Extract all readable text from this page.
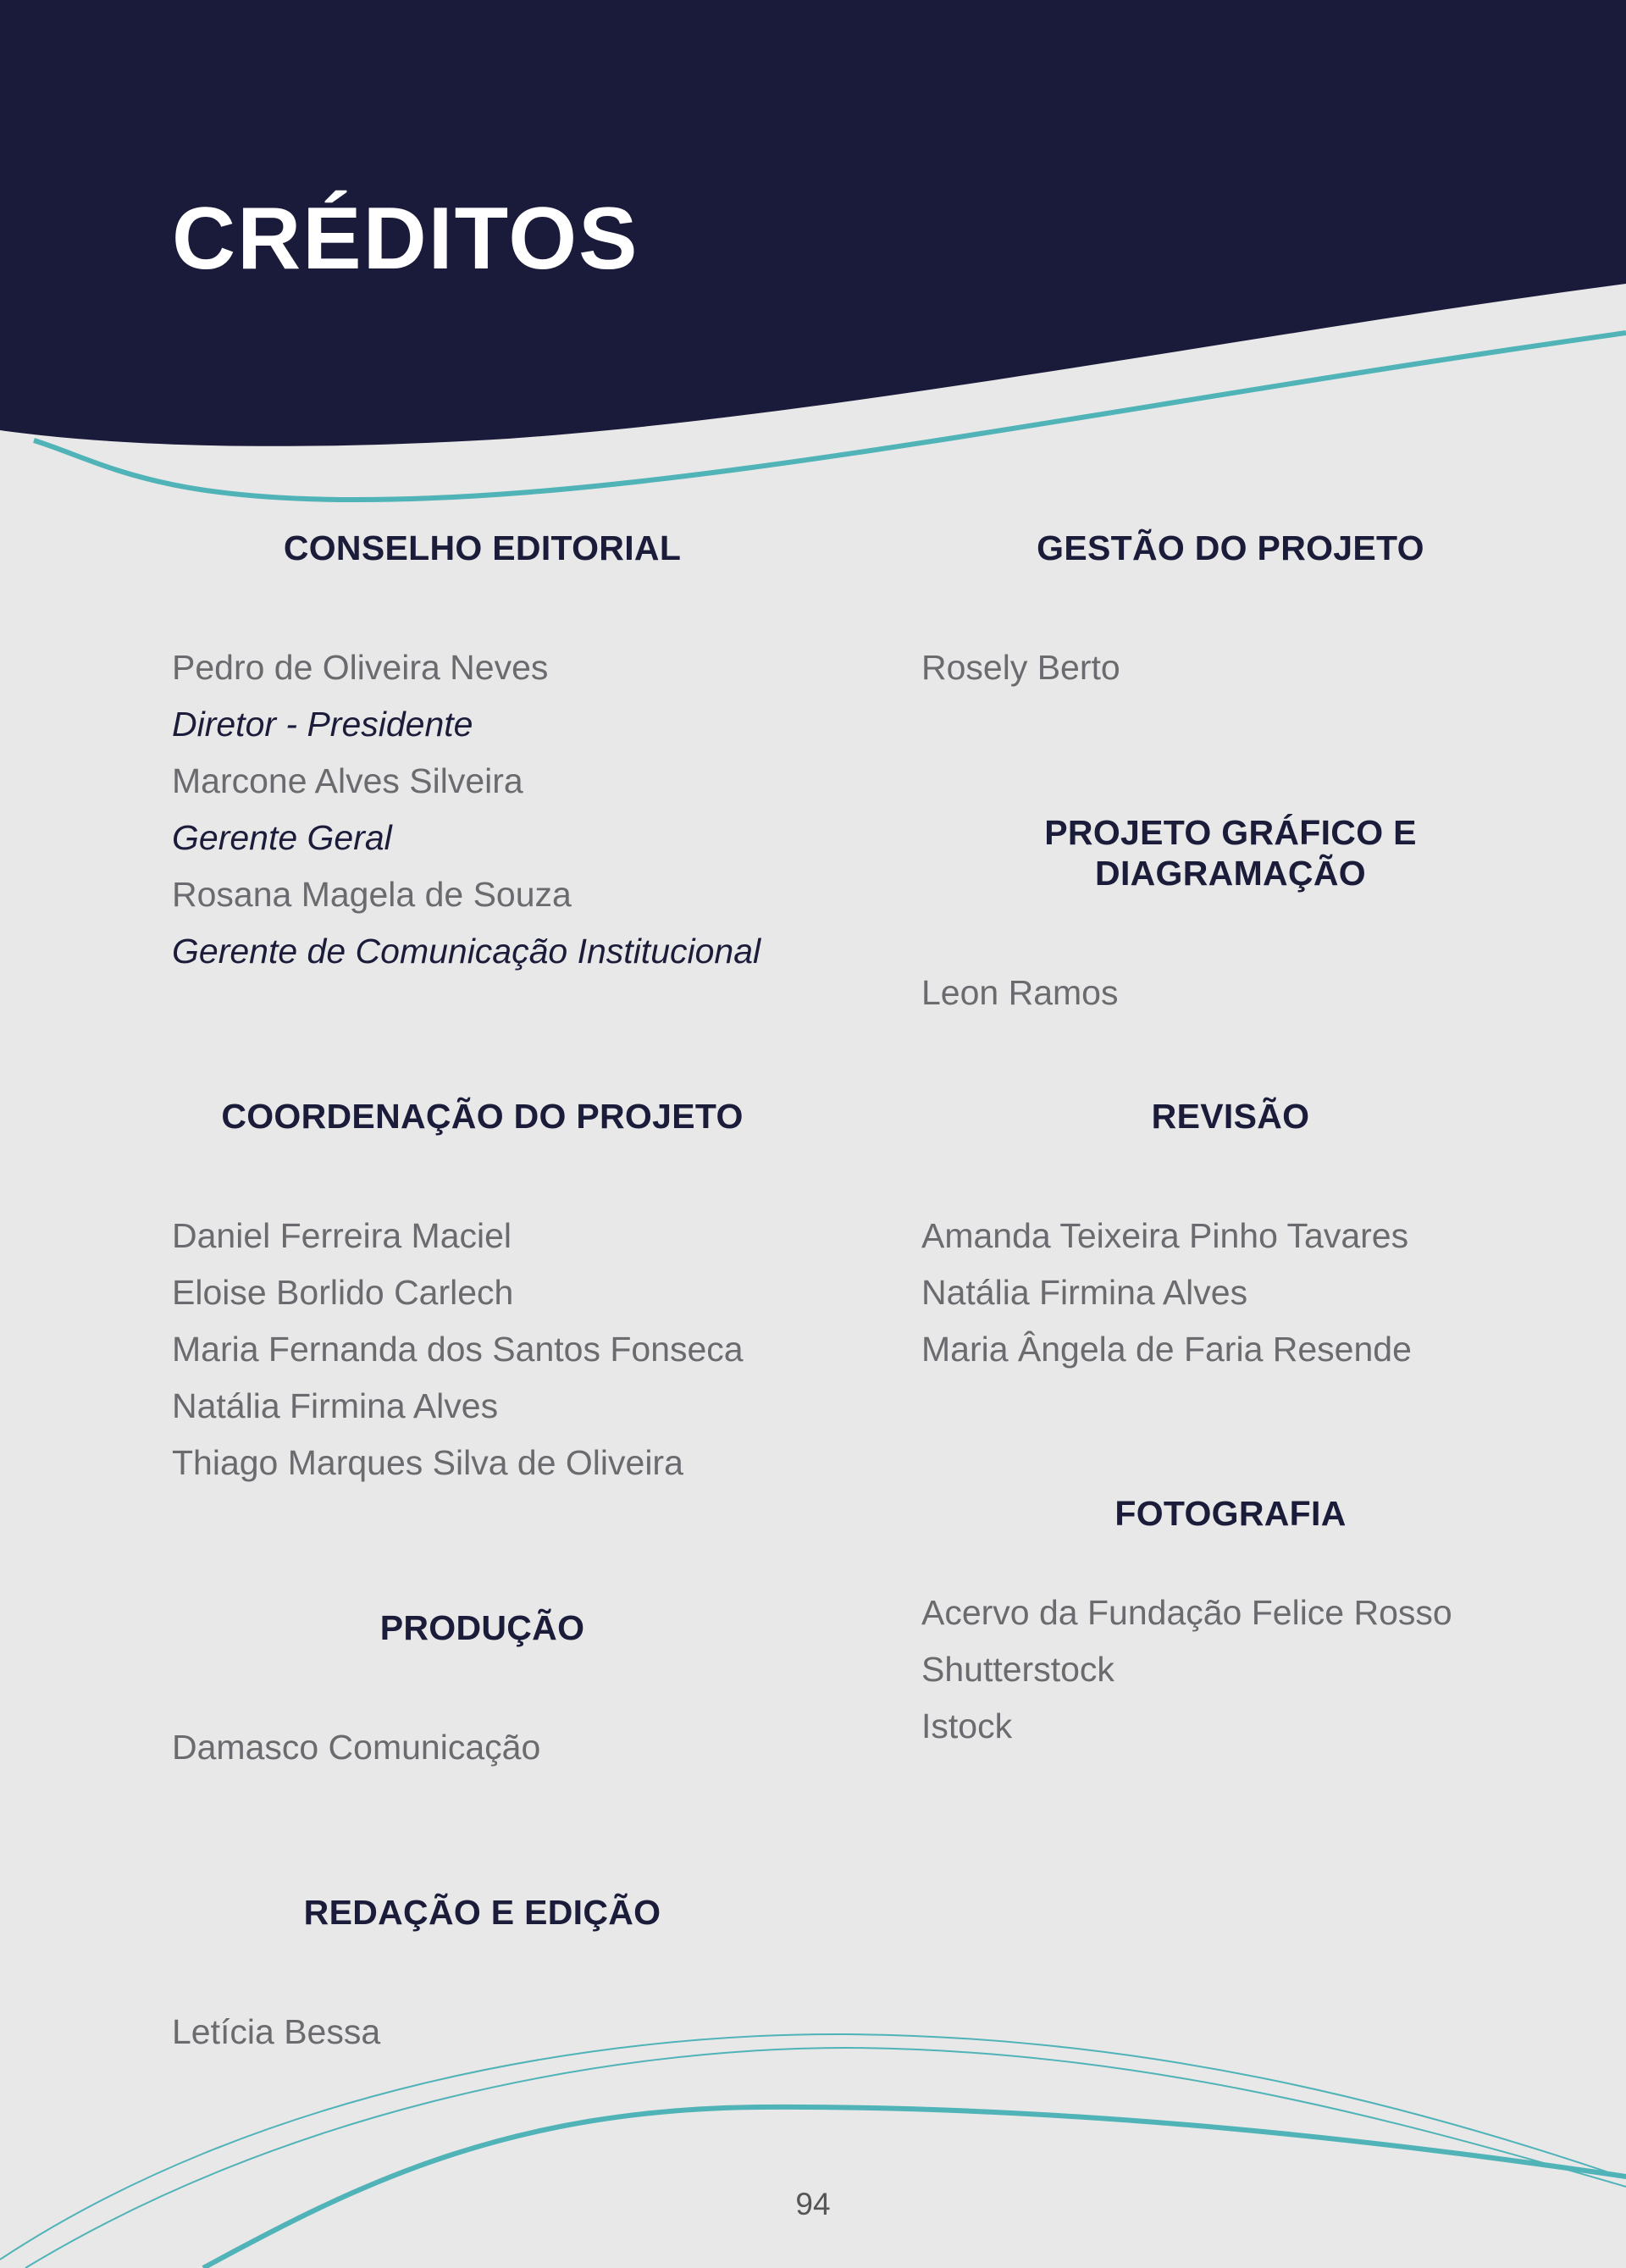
CRÉDITOS
CONSELHO EDITORIAL
Pedro de Oliveira Neves
Diretor - Presidente
Marcone Alves Silveira
Gerente Geral
Rosana Magela de Souza
Gerente de Comunicação Institucional
COORDENAÇÃO DO PROJETO
Daniel Ferreira Maciel
Eloise Borlido Carlech
Maria Fernanda dos Santos Fonseca
Natália Firmina Alves
Thiago Marques Silva de Oliveira
PRODUÇÃO
Damasco Comunicação
REDAÇÃO E EDIÇÃO
Letícia Bessa
GESTÃO DO PROJETO
Rosely Berto
PROJETO GRÁFICO E DIAGRAMAÇÃO
Leon Ramos
REVISÃO
Amanda Teixeira Pinho Tavares
Natália Firmina Alves
Maria Ângela de Faria Resende
FOTOGRAFIA
Acervo da Fundação Felice Rosso
Shutterstock
Istock
94
